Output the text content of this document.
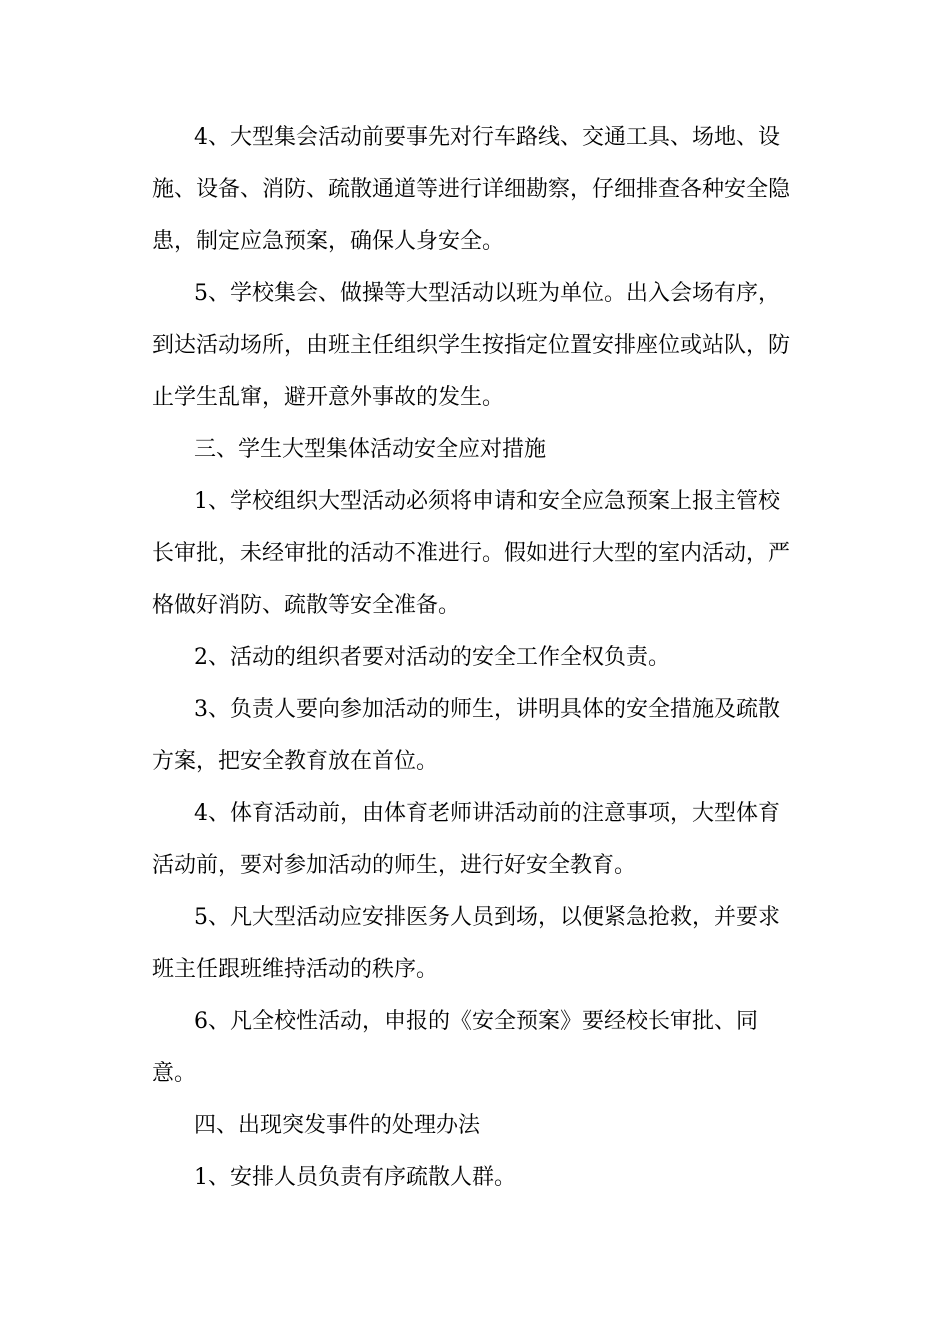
4、大型集会活动前要事先对行车路线、交通工具、场地、设

施、设备、消防、疏散通道等进行详细勘察，仔细排查各种安全隐

患，制定应急预案，确保人身安全。

5、学校集会、做操等大型活动以班为单位。出入会场有序，

到达活动场所，由班主任组织学生按指定位置安排座位或站队，防

止学生乱窜，避开意外事故的发生。

三、学生大型集体活动安全应对措施

1、学校组织大型活动必须将申请和安全应急预案上报主管校

长审批，未经审批的活动不准进行。假如进行大型的室内活动，严

格做好消防、疏散等安全准备。

2、活动的组织者要对活动的安全工作全权负责。

3、负责人要向参加活动的师生，讲明具体的安全措施及疏散

方案，把安全教育放在首位。

4、体育活动前，由体育老师讲活动前的注意事项，大型体育

活动前，要对参加活动的师生，进行好安全教育。

5、凡大型活动应安排医务人员到场，以便紧急抢救，并要求

班主任跟班维持活动的秩序。

6、凡全校性活动，申报的《安全预案》要经校长审批、同

意。

四、出现突发事件的处理办法

1、安排人员负责有序疏散人群。
